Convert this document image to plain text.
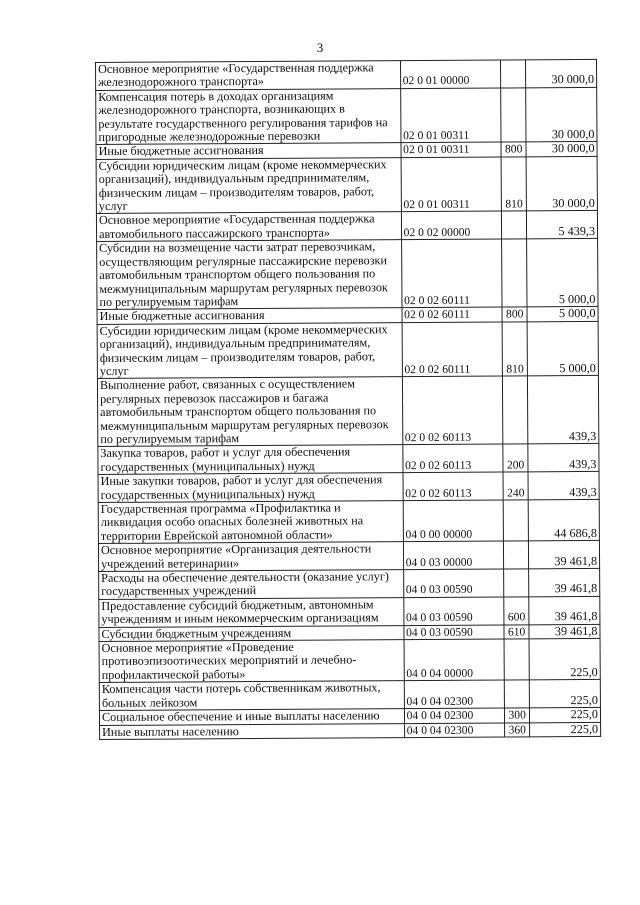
3
Основное мероприятие «Государственная поддержка железнодорожного транспорта»	02 0 01 00000		30 000,0
Компенсация потерь в доходах организациям железнодорожного транспорта, возникающих в результате государственного регулирования тарифов на пригородные железнодорожные перевозки	02 0 01 00311		30 000,0
Иные бюджетные ассигнования	02 0 01 00311	800	30 000,0
Субсидии юридическим лицам (кроме некоммерческих организаций), индивидуальным предпринимателям, физическим лицам – производителям товаров, работ, услуг	02 0 01 00311	810	30 000,0
Основное мероприятие «Государственная поддержка автомобильного пассажирского транспорта»	02 0 02 00000		5 439,3
Субсидии на возмещение части затрат перевозчикам, осуществляющим регулярные пассажирские перевозки автомобильным транспортом общего пользования по межмуниципальным маршрутам регулярных перевозок по регулируемым тарифам	02 0 02 60111		5 000,0
Иные бюджетные ассигнования	02 0 02 60111	800	5 000,0
Субсидии юридическим лицам (кроме некоммерческих организаций), индивидуальным предпринимателям, физическим лицам – производителям товаров, работ, услуг	02 0 02 60111	810	5 000,0
Выполнение работ, связанных с осуществлением регулярных перевозок пассажиров и багажа автомобильным транспортом общего пользования по межмуниципальным маршрутам регулярных перевозок по регулируемым тарифам	02 0 02 60113		439,3
Закупка товаров, работ и услуг для обеспечения государственных (муниципальных) нужд	02 0 02 60113	200	439,3
Иные закупки товаров, работ и услуг для обеспечения государственных (муниципальных) нужд	02 0 02 60113	240	439,3
Государственная программа «Профилактика и ликвидация особо опасных болезней животных на территории Еврейской автономной области»	04 0 00 00000		44 686,8
Основное мероприятие «Организация деятельности учреждений ветеринарии»	04 0 03 00000		39 461,8
Расходы на обеспечение деятельности (оказание услуг) государственных учреждений	04 0 03 00590		39 461,8
Предоставление субсидий бюджетным, автономным учреждениям и иным некоммерческим организациям	04 0 03 00590	600	39 461,8
Субсидии бюджетным учреждениям	04 0 03 00590	610	39 461,8
Основное мероприятие «Проведение противоэпизоотических мероприятий и лечебно-профилактической работы»	04 0 04 00000		225,0
Компенсация части потерь собственникам животных, больных лейкозом	04 0 04 02300		225,0
Социальное обеспечение и иные выплаты населению	04 0 04 02300	300	225,0
Иные выплаты населению	04 0 04 02300	360	225,0
